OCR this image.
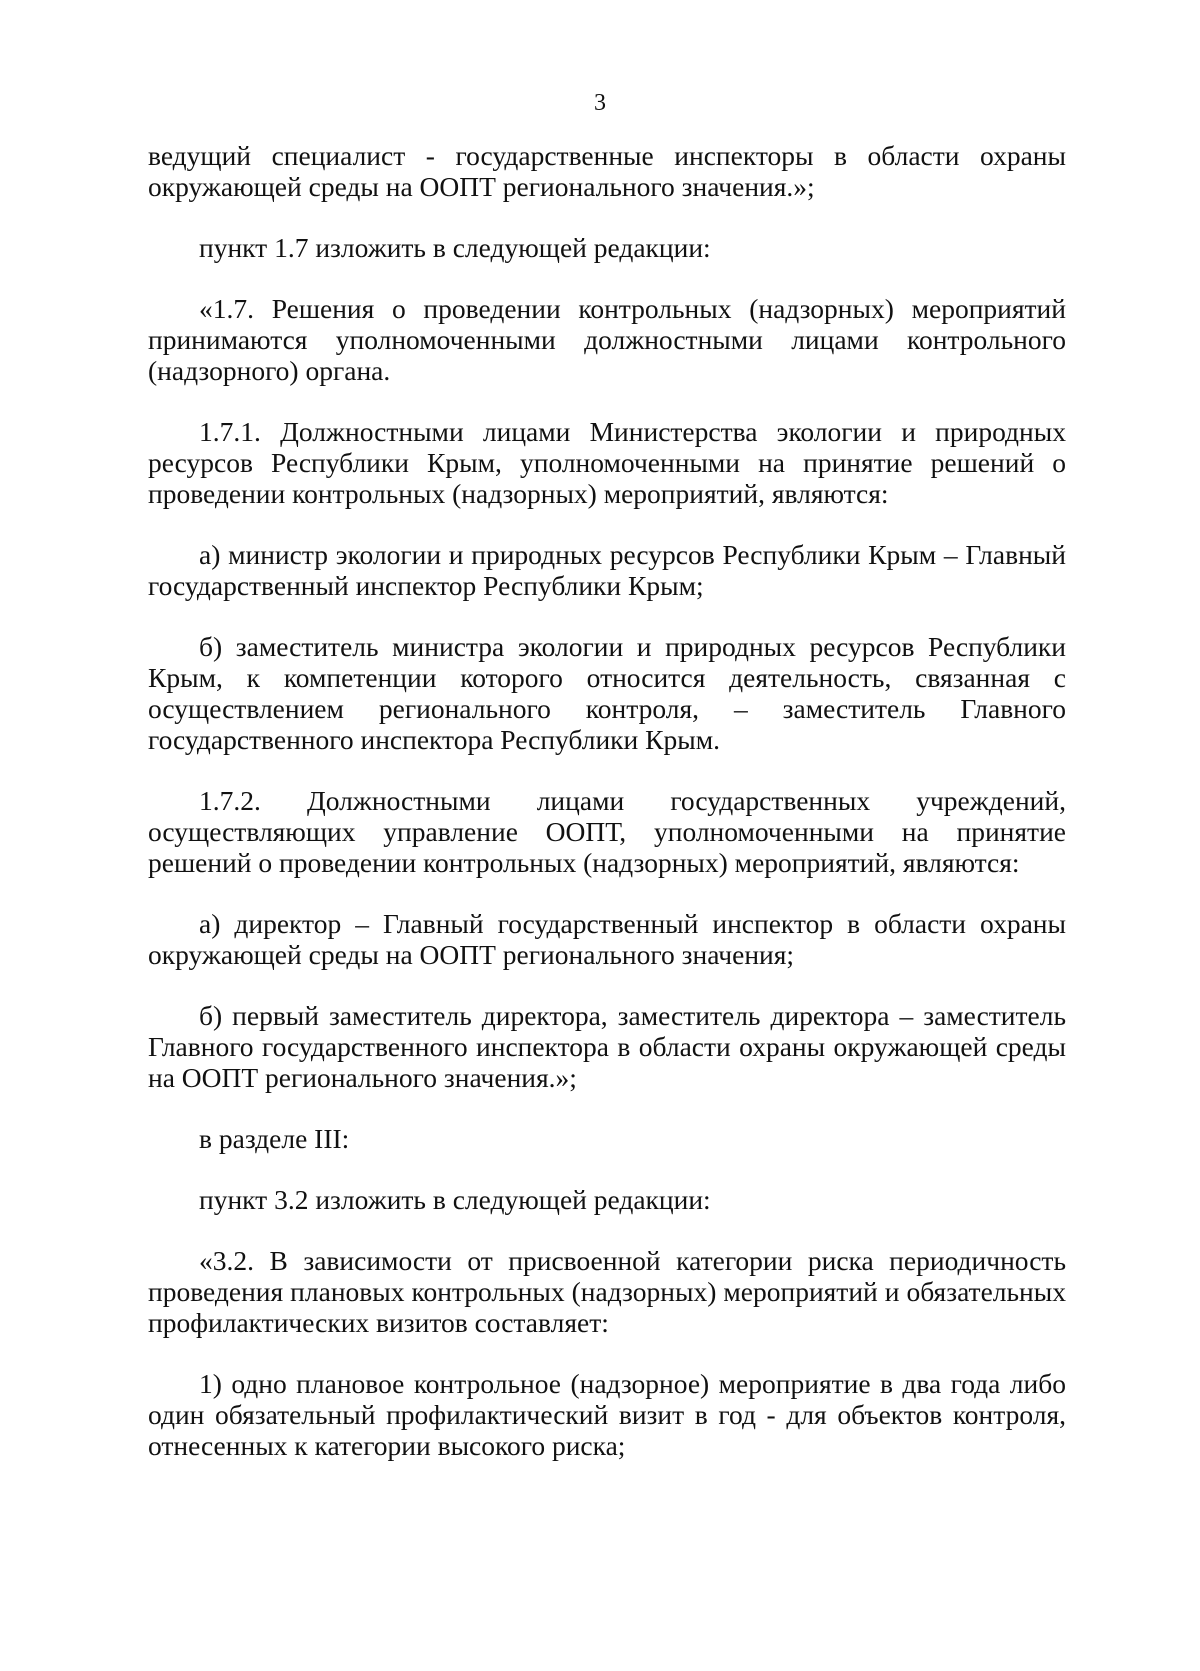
3

ведущий специалист - государственные инспекторы в области охраны окружающей среды на ООПТ регионального значения.»;

пункт 1.7 изложить в следующей редакции:

«1.7. Решения о проведении контрольных (надзорных) мероприятий принимаются уполномоченными должностными лицами контрольного (надзорного) органа.

1.7.1. Должностными лицами Министерства экологии и природных ресурсов Республики Крым, уполномоченными на принятие решений о проведении контрольных (надзорных) мероприятий, являются:

а) министр экологии и природных ресурсов Республики Крым – Главный государственный инспектор Республики Крым;

б) заместитель министра экологии и природных ресурсов Республики Крым, к компетенции которого относится деятельность, связанная с осуществлением регионального контроля, – заместитель Главного государственного инспектора Республики Крым.

1.7.2. Должностными лицами государственных учреждений, осуществляющих управление ООПТ, уполномоченными на принятие решений о проведении контрольных (надзорных) мероприятий, являются:

а) директор – Главный государственный инспектор в области охраны окружающей среды на ООПТ регионального значения;

б) первый заместитель директора, заместитель директора – заместитель Главного государственного инспектора в области охраны окружающей среды на ООПТ регионального значения.»;

в разделе III:

пункт 3.2 изложить в следующей редакции:

«3.2. В зависимости от присвоенной категории риска периодичность проведения плановых контрольных (надзорных) мероприятий и обязательных профилактических визитов составляет:

1) одно плановое контрольное (надзорное) мероприятие в два года либо один обязательный профилактический визит в год - для объектов контроля, отнесенных к категории высокого риска;
